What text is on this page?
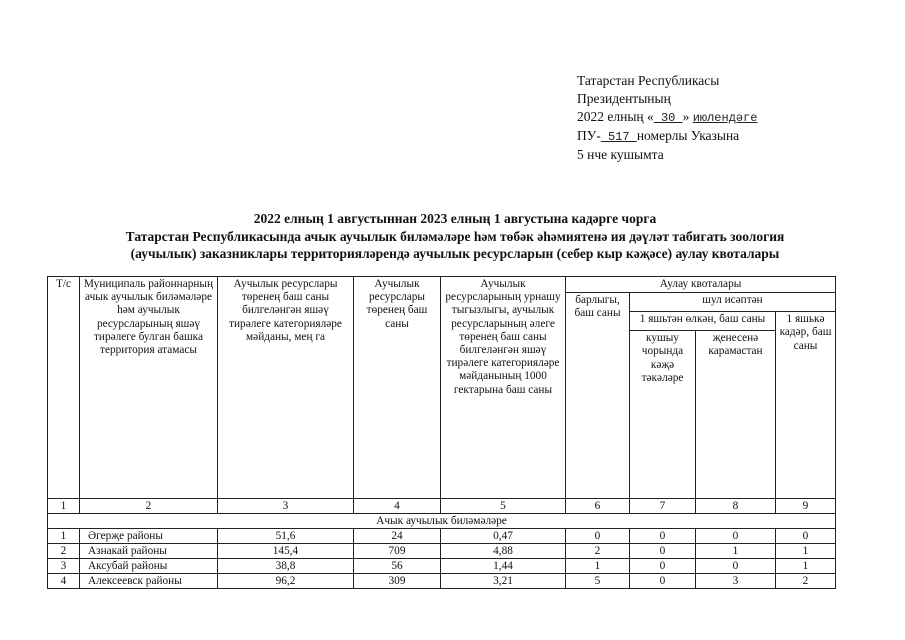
Татарстан Республикасы
Президентының
2022 елның « 30 » июлендәге
ПУ- 517 номерлы Указына
5 нче кушымта
2022 елның 1 августыннан 2023 елның 1 августына кадәрге чорга
Татарстан Республикасында ачык аучылык биләмәләре һәм төбәк әһәмиятенә ия дәүләт табигать зоология
(аучылык) заказниклары территорияләрендә аучылык ресурсларын (себер кыр кәҗәсе) аулау квоталары
Т/с	Муниципаль районнарның ачык аучылык биләмәләре һәм аучылык ресурсларының яшәү тирәлеге булган башка территория атамасы	Аучылык ресурслары төренең баш саны билгеләнгән яшәү тирәлеге категорияләре мәйданы, мең га	Аучылык ресурслары төренең баш саны	Аучылык ресурсларының урнашу тыгызлыгы, аучылык ресурсларының әлеге төренең баш саны билгеләнгән яшәү тирәлеге категорияләре мәйданының 1000 гектарына баш саны	Аулау квоталары			
					барлыгы, баш саны	шул исәптән		
						1 яшьтән өлкән, баш саны		1 яшькә кадәр, баш саны
						кушыу чорында кәҗә тәкәләре	җенесенә карамастан	
1	2	3	4	5	6	7	8	9
Ачык аучылык биләмәләре								
1	Әгерҗе районы	51,6	24	0,47	0	0	0	0
2	Азнакай районы	145,4	709	4,88	2	0	1	1
3	Аксубай районы	38,8	56	1,44	1	0	0	1
4	Алексеевск районы	96,2	309	3,21	5	0	3	2
